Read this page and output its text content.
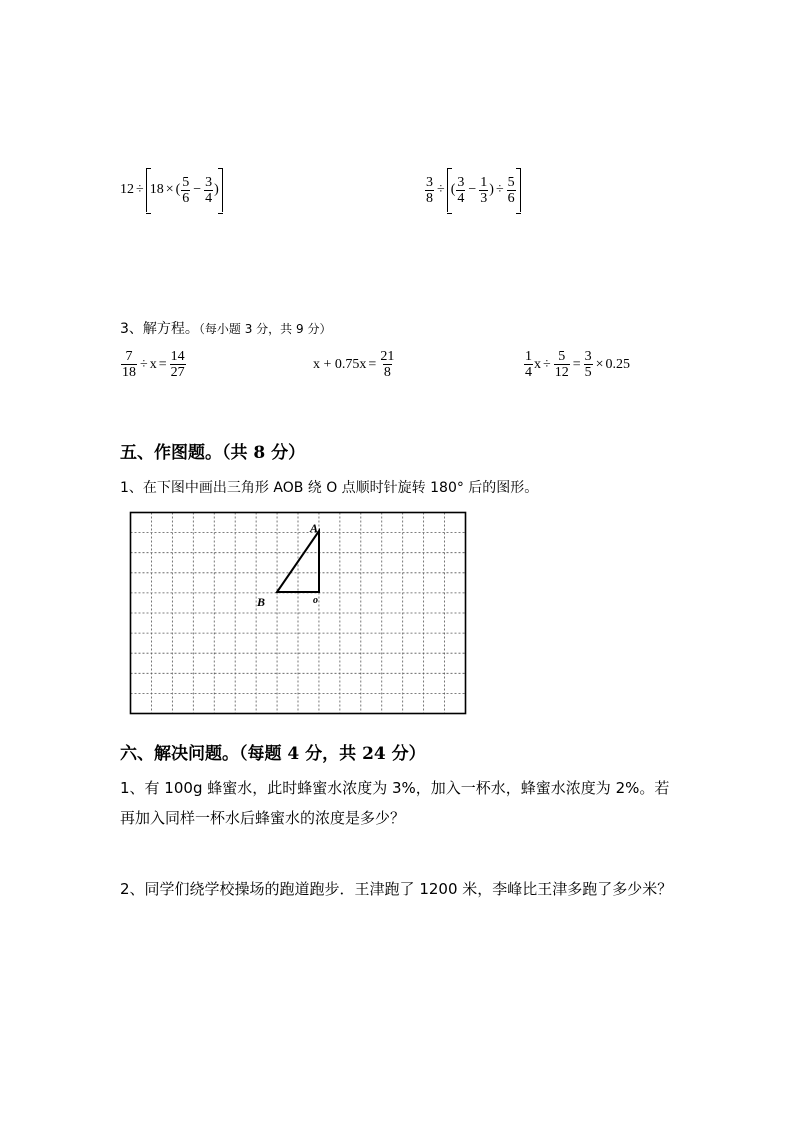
12 ÷ 18 × ( $\frac{5}{6} - \frac{3}{4}$ )	$\frac{3}{8}$ ÷ ( $\frac{3}{4} - \frac{1}{3}$ ) ÷ $\frac{5}{6}$
3、解方程。（每小题 3 分，共 9 分）
$\frac{7}{18} \div x = \frac{14}{27}$	$x + 0.75x = \frac{21}{8}$	$\frac{1}{4}$ $x \div \frac{5}{12} = \frac{3}{5} \times 0.25$
五、作图题。（共 8 分）
1、在下图中画出三角形 AOB 绕 O 点顺时针旋转 180° 后的图形。
A
B	o
六、解决问题。（每题 4 分，共 24 分）
1、有 100g 蜂蜜水，此时蜂蜜水浓度为 3%，加入一杯水，蜂蜜水浓度为 2%。若再加入同样一杯水后蜂蜜水的浓度是多少？
2、同学们绕学校操场的跑道跑步．王津跑了 1200 米，李峰比王津多跑了多少米？
